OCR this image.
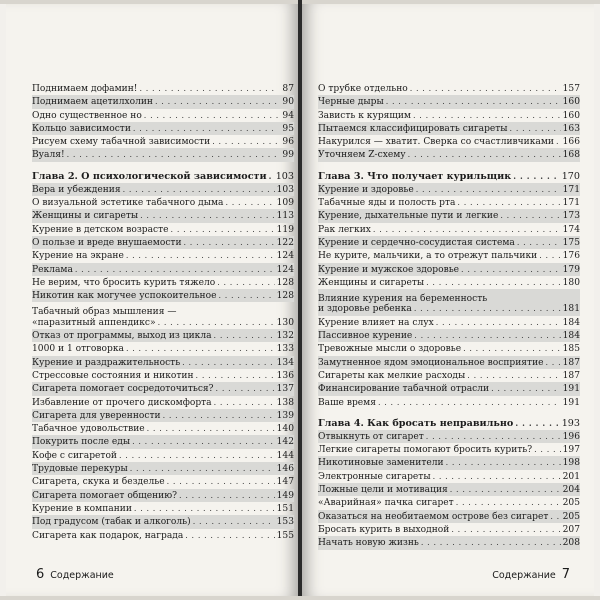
Поднимаем дофамин! . . .	87
Поднимаем ацетилхолин . . .	90
Одно существенное но . . .	94
Кольцо зависимости . . .	95
Рисуем схему табачной зависимости . . .	96
Вуаля! . . .	99
Глава 2. О психологической зависимости . . . 103
Вера и убеждения . . .	103
О визуальной эстетике табачного дыма . . .	109
Женщины и сигареты . . .	113
Курение в детском возрасте . . .	119
О пользе и вреде внушаемости . . .	122
Курение на экране . . .	124
Реклама . . .	124
Не верим, что бросить курить тяжело . . .	128
Никотин как могучее успокоительное . . .	128
Табачный образ мышления —
«паразитный аппендикс» . . .	130
Отказ от программы, выход из цикла . . .	132
1000 и 1 отговорка . . .	133
Курение и раздражительность . . .	134
Стрессовые состояния и никотин . . .	136
Сигарета помогает сосредоточиться? . . .	137
Избавление от прочего дискомфорта . . .	138
Сигарета для уверенности . . .	139
Табачное удовольствие . . .	140
Покурить после еды . . .	142
Кофе с сигаретой . . .	144
Трудовые перекуры . . .	146
Сигарета, скука и безделье . . .	147
Сигарета помогает общению? . . .	149
Курение в компании . . .	151
Под градусом (табак и алкоголь) . . .	153
Сигарета как подарок, награда . . .	155
6 Содержание
О трубке отдельно . . .	157
Черные дыры . . .	160
Зависть к курящим . . .	160
Пытаемся классифицировать сигареты . . .	163
Накурился — хватит. Сверка со счастливчиками . . . 166
Уточняем Z-схему . . .	168
Глава 3. Что получает курильщик . . .	170
Курение и здоровье . . .	171
Табачные яды и полость рта . . .	171
Курение, дыхательные пути и легкие . . .	173
Рак легких . . .	174
Курение и сердечно-сосудистая система . . .	175
Не курите, мальчики, а то отрежут пальчики . . .	176
Курение и мужское здоровье . . .	179
Женщины и сигареты . . .	180
Влияние курения на беременность
и здоровье ребенка . . .	181
Курение влияет на слух . . .	184
Пассивное курение . . .	184
Тревожные мысли о здоровье . . .	185
Замутненное ядом эмоциональное восприятие . . . 187
Сигареты как мелкие расходы . . .	187
Финансирование табачной отрасли . . .	191
Ваше время . . .	191
Глава 4. Как бросать неправильно . . .	193
Отвыкнуть от сигарет . . .	196
Легкие сигареты помогают бросить курить? . . .	197
Никотиновые заменители . . .	198
Электронные сигареты . . .	201
Ложные цели и мотивация . . .	204
«Аварийная» пачка сигарет . . .	205
Оказаться на необитаемом острове без сигарет . . . 205
Бросать курить в выходной . . .	207
Начать новую жизнь . . .	208
Содержание 7
